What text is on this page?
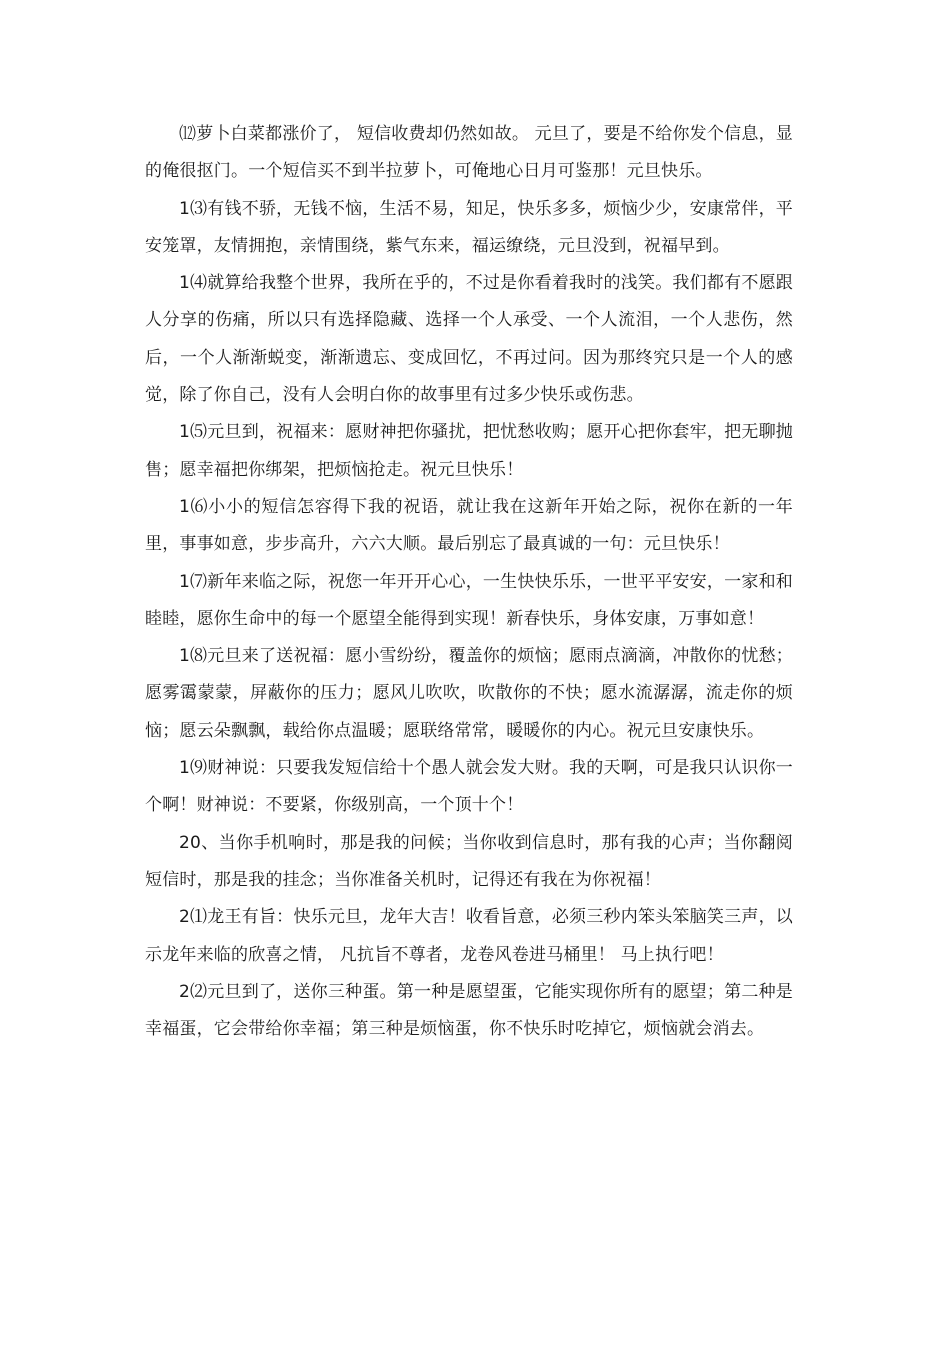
⑿萝卜白菜都涨价了， 短信收费却仍然如故。 元旦了，要是不给你发个信息，显的俺很抠门。一个短信买不到半拉萝卜，可俺地心日月可鉴那！元旦快乐。

1⑶有钱不骄，无钱不恼，生活不易，知足，快乐多多，烦恼少少，安康常伴，平安笼罩，友情拥抱，亲情围绕，紫气东来，福运缭绕，元旦没到，祝福早到。

1⑷就算给我整个世界，我所在乎的，不过是你看着我时的浅笑。我们都有不愿跟人分享的伤痛，所以只有选择隐藏、选择一个人承受、一个人流泪，一个人悲伤，然后，一个人渐渐蜕变，渐渐遗忘、变成回忆，不再过问。因为那终究只是一个人的感觉，除了你自己，没有人会明白你的故事里有过多少快乐或伤悲。

1⑸元旦到，祝福来：愿财神把你骚扰，把忧愁收购；愿开心把你套牢，把无聊抛售；愿幸福把你绑架，把烦恼抢走。祝元旦快乐！

1⑹小小的短信怎容得下我的祝语，就让我在这新年开始之际，祝你在新的一年里，事事如意，步步高升，六六大顺。最后别忘了最真诚的一句：元旦快乐！

1⑺新年来临之际，祝您一年开开心心，一生快快乐乐，一世平平安安，一家和和睦睦，愿你生命中的每一个愿望全能得到实现！新春快乐，身体安康，万事如意！

1⑻元旦来了送祝福：愿小雪纷纷，覆盖你的烦恼；愿雨点滴滴，冲散你的忧愁；愿雾霭蒙蒙，屏蔽你的压力；愿风儿吹吹，吹散你的不快；愿水流潺潺，流走你的烦恼；愿云朵飘飘，载给你点温暖；愿联络常常，暖暖你的内心。祝元旦安康快乐。

1⑼财神说：只要我发短信给十个愚人就会发大财。我的天啊，可是我只认识你一个啊！财神说：不要紧，你级别高，一个顶十个！

20、当你手机响时，那是我的问候；当你收到信息时，那有我的心声；当你翻阅短信时，那是我的挂念；当你准备关机时，记得还有我在为你祝福！

2⑴龙王有旨：快乐元旦，龙年大吉！收看旨意，必须三秒内笨头笨脑笑三声，以示龙年来临的欣喜之情， 凡抗旨不尊者，龙卷风卷进马桶里！ 马上执行吧！

2⑵元旦到了，送你三种蛋。第一种是愿望蛋，它能实现你所有的愿望；第二种是幸福蛋，它会带给你幸福；第三种是烦恼蛋，你不快乐时吃掉它，烦恼就会消去。
